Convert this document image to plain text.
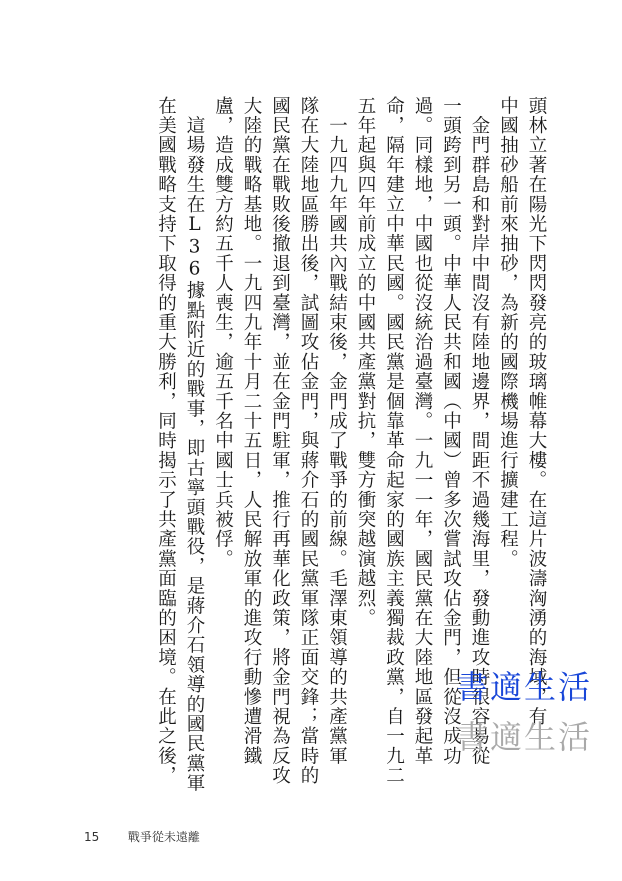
頭林立著在陽光下閃閃發亮的玻璃帷幕大樓。在這片波濤洶湧的海域，有
中國抽砂船前來抽砂，為新的國際機場進行擴建工程。
　金門群島和對岸中間沒有陸地邊界，間距不過幾海里，發動進攻時很容易從
一頭跨到另一頭。中華人民共和國（中國）曾多次嘗試攻佔金門，但從沒成功
過。同樣地，中國也從沒統治過臺灣。一九一一年，國民黨在大陸地區發起革
命，隔年建立中華民國。國民黨是個靠革命起家的國族主義獨裁政黨，自一九二
五年起與四年前成立的中國共產黨對抗，雙方衝突越演越烈。
　一九四九年國共內戰結束後，金門成了戰爭的前線。毛澤東領導的共產黨軍
隊在大陸地區勝出後，試圖攻佔金門，與蔣介石的國民黨軍隊正面交鋒；當時的
國民黨在戰敗後撤退到臺灣，並在金門駐軍，推行再華化政策，將金門視為反攻
大陸的戰略基地。一九四九年十月二十五日，人民解放軍的進攻行動慘遭滑鐵
盧，造成雙方約五千人喪生，逾五千名中國士兵被俘。
　這場發生在L36據點附近的戰事，即古寧頭戰役，是蔣介石領導的國民黨軍
在美國戰略支持下取得的重大勝利，同時揭示了共產黨面臨的困境。在此之後，	書適生活
書適生活
15 戰爭從未遠離
